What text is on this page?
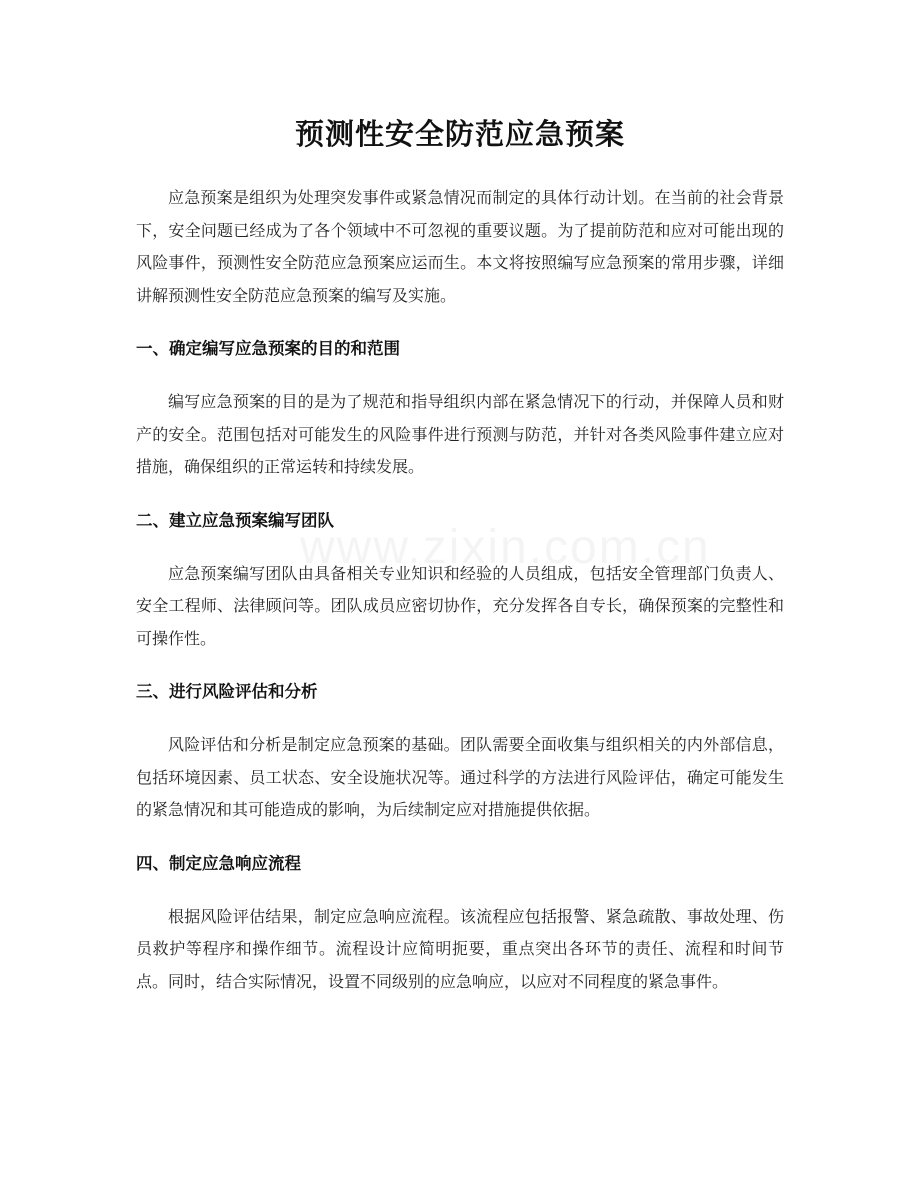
预测性安全防范应急预案

应急预案是组织为处理突发事件或紧急情况而制定的具体行动计划。在当前的社会背景下，安全问题已经成为了各个领域中不可忽视的重要议题。为了提前防范和应对可能出现的风险事件，预测性安全防范应急预案应运而生。本文将按照编写应急预案的常用步骤，详细讲解预测性安全防范应急预案的编写及实施。

一、确定编写应急预案的目的和范围

编写应急预案的目的是为了规范和指导组织内部在紧急情况下的行动，并保障人员和财产的安全。范围包括对可能发生的风险事件进行预测与防范，并针对各类风险事件建立应对措施，确保组织的正常运转和持续发展。

二、建立应急预案编写团队

应急预案编写团队由具备相关专业知识和经验的人员组成，包括安全管理部门负责人、安全工程师、法律顾问等。团队成员应密切协作，充分发挥各自专长，确保预案的完整性和可操作性。

三、进行风险评估和分析

风险评估和分析是制定应急预案的基础。团队需要全面收集与组织相关的内外部信息，包括环境因素、员工状态、安全设施状况等。通过科学的方法进行风险评估，确定可能发生的紧急情况和其可能造成的影响，为后续制定应对措施提供依据。

四、制定应急响应流程

根据风险评估结果，制定应急响应流程。该流程应包括报警、紧急疏散、事故处理、伤员救护等程序和操作细节。流程设计应简明扼要，重点突出各环节的责任、流程和时间节点。同时，结合实际情况，设置不同级别的应急响应，以应对不同程度的紧急事件。
